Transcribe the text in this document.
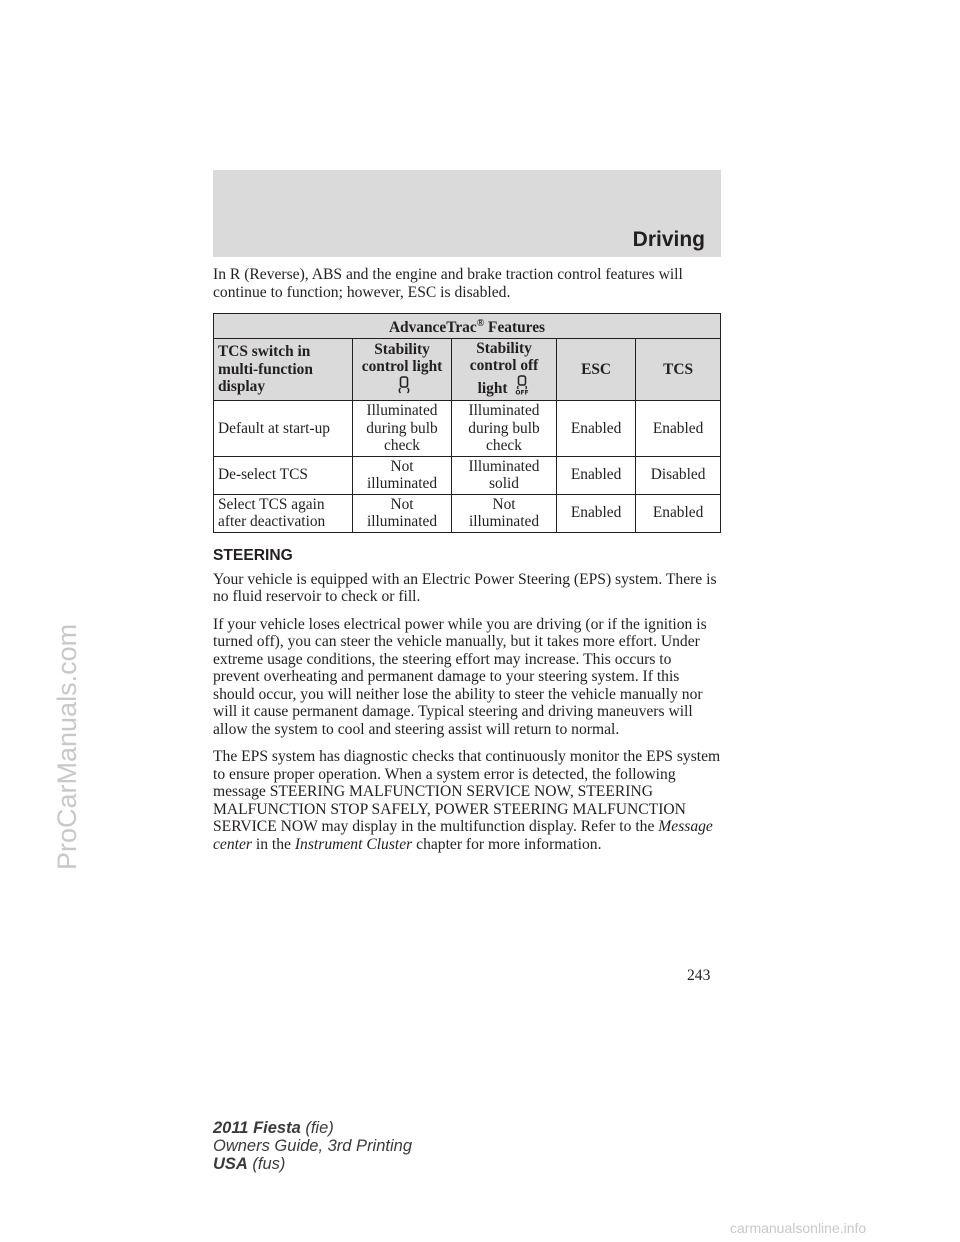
Driving

In R (Reverse), ABS and the engine and brake traction control features will continue to function; however, ESC is disabled.

AdvanceTrac® Features				
TCS switch in multi-function display	Stability control light	Stability control off light OFF	ESC	TCS
Default at start-up	Illuminated during bulb check	Illuminated during bulb check	Enabled	Enabled
De-select TCS	Not illuminated	Illuminated solid	Enabled	Disabled
Select TCS again after deactivation	Not illuminated	Not illuminated	Enabled	Enabled
STEERING

Your vehicle is equipped with an Electric Power Steering (EPS) system. There is no fluid reservoir to check or fill.

If your vehicle loses electrical power while you are driving (or if the ignition is turned off), you can steer the vehicle manually, but it takes more effort. Under extreme usage conditions, the steering effort may increase. This occurs to prevent overheating and permanent damage to your steering system. If this should occur, you will neither lose the ability to steer the vehicle manually nor will it cause permanent damage. Typical steering and driving maneuvers will allow the system to cool and steering assist will return to normal.

The EPS system has diagnostic checks that continuously monitor the EPS system to ensure proper operation. When a system error is detected, the following message STEERING MALFUNCTION SERVICE NOW, STEERING MALFUNCTION STOP SAFELY, POWER STEERING MALFUNCTION SERVICE NOW may display in the multifunction display. Refer to the Message center in the Instrument Cluster chapter for more information.

243
2011 Fiesta (fie)
Owners Guide, 3rd Printing
USA (fus)
ProCarManuals.com
carmanualsonline.info
